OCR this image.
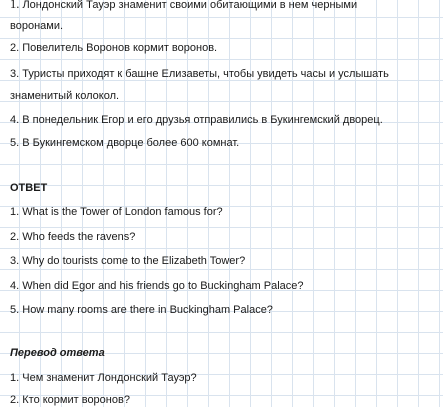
1. Лондонский Тауэр знаменит своими обитающими в нем черными
воронами.
2. Повелитель Воронов кормит воронов.
3. Туристы приходят к башне Елизаветы, чтобы увидеть часы и услышать
знаменитый колокол.
4. В понедельник Егор и его друзья отправились в Букингемский дворец.
5. В Букингемском дворце более 600 комнат.
ОТВЕТ
1. What is the Tower of London famous for?
2. Who feeds the ravens?
3. Why do tourists come to the Elizabeth Tower?
4. When did Egor and his friends go to Buckingham Palace?
5. How many rooms are there in Buckingham Palace?
Перевод ответа
1. Чем знаменит Лондонский Тауэр?
2. Кто кормит воронов?
